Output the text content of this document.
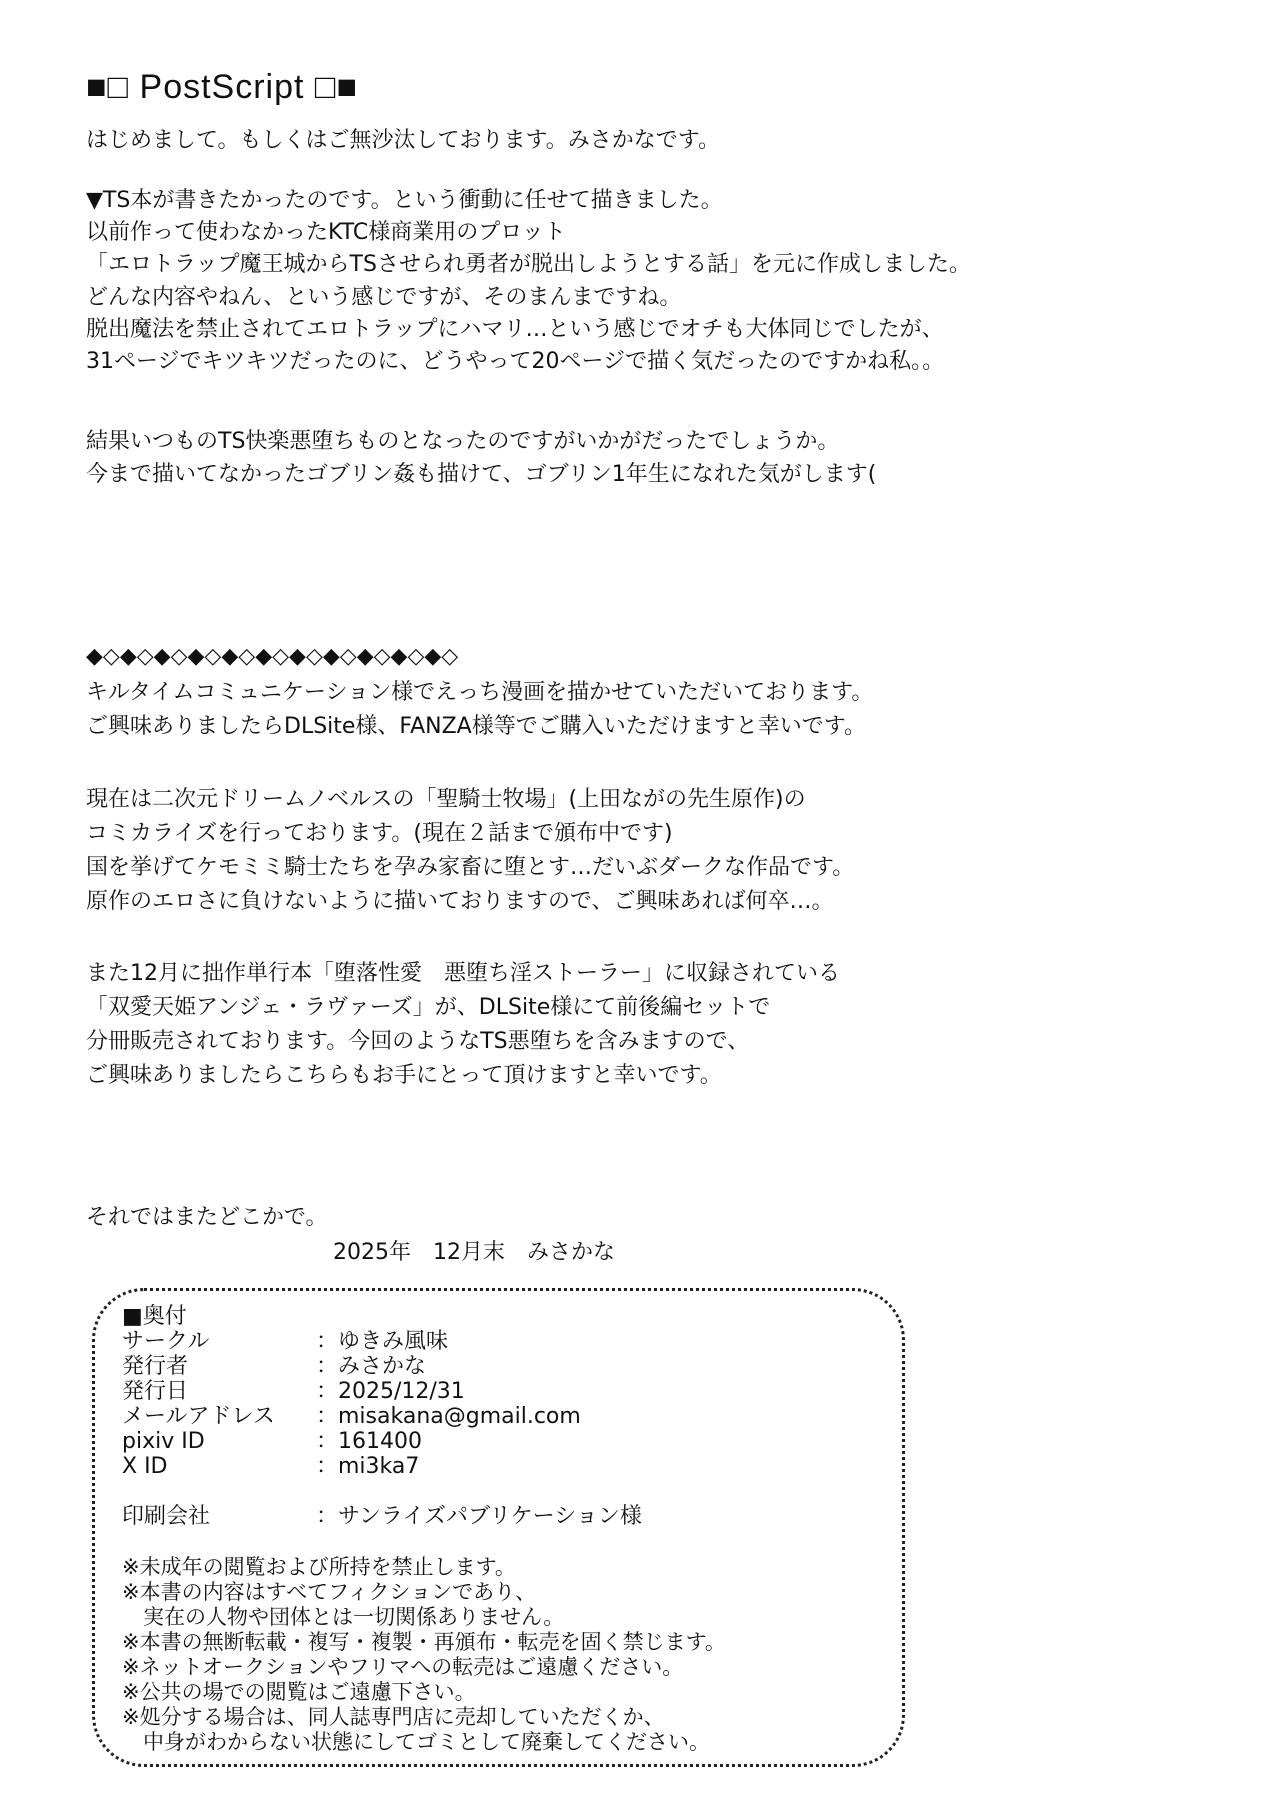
■□ PostScript □■
はじめまして。もしくはご無沙汰しております。みさかなです。
▼TS本が書きたかったのです。という衝動に任せて描きました。
以前作って使わなかったKTC様商業用のプロット
「エロトラップ魔王城からTSさせられ勇者が脱出しようとする話」を元に作成しました。
どんな内容やねん、という感じですが、そのまんまですね。
脱出魔法を禁止されてエロトラップにハマリ…という感じでオチも大体同じでしたが、
31ページでキツキツだったのに、どうやって20ページで描く気だったのですかね私。。
結果いつものTS快楽悪堕ちものとなったのですがいかがだったでしょうか。
今まで描いてなかったゴブリン姦も描けて、ゴブリン1年生になれた気がします(
◆◇◆◇◆◇◆◇◆◇◆◇◆◇◆◇◆◇◆◇◆◇
キルタイムコミュニケーション様でえっち漫画を描かせていただいております。
ご興味ありましたらDLSite様、FANZA様等でご購入いただけますと幸いです。
現在は二次元ドリームノベルスの「聖騎士牧場」(上田ながの先生原作)の
コミカライズを行っております。(現在２話まで頒布中です)
国を挙げてケモミミ騎士たちを孕み家畜に堕とす…だいぶダークな作品です。
原作のエロさに負けないように描いておりますので、ご興味あれば何卒…。
また12月に拙作単行本「堕落性愛　悪堕ち淫ストーラー」に収録されている
「双愛天姫アンジェ・ラヴァーズ」が、DLSite様にて前後編セットで
分冊販売されております。今回のようなTS悪堕ちを含みますので、
ご興味ありましたらこちらもお手にとって頂けますと幸いです。
それではまたどこかで。
2025年　12月末　みさかな
■奥付
サークル	：ゆきみ風味
発行者	：みさかな
発行日	：2025/12/31
メールアドレス ：misakana@gmail.com
pixiv ID	：161400
X ID	：mi3ka7
印刷会社	：サンライズパブリケーション様
※未成年の閲覧および所持を禁止します。
※本書の内容はすべてフィクションであり、
　実在の人物や団体とは一切関係ありません。
※本書の無断転載・複写・複製・再頒布・転売を固く禁じます。
※ネットオークションやフリマへの転売はご遠慮ください。
※公共の場での閲覧はご遠慮下さい。
※処分する場合は、同人誌専門店に売却していただくか、
　中身がわからない状態にしてゴミとして廃棄してください。
